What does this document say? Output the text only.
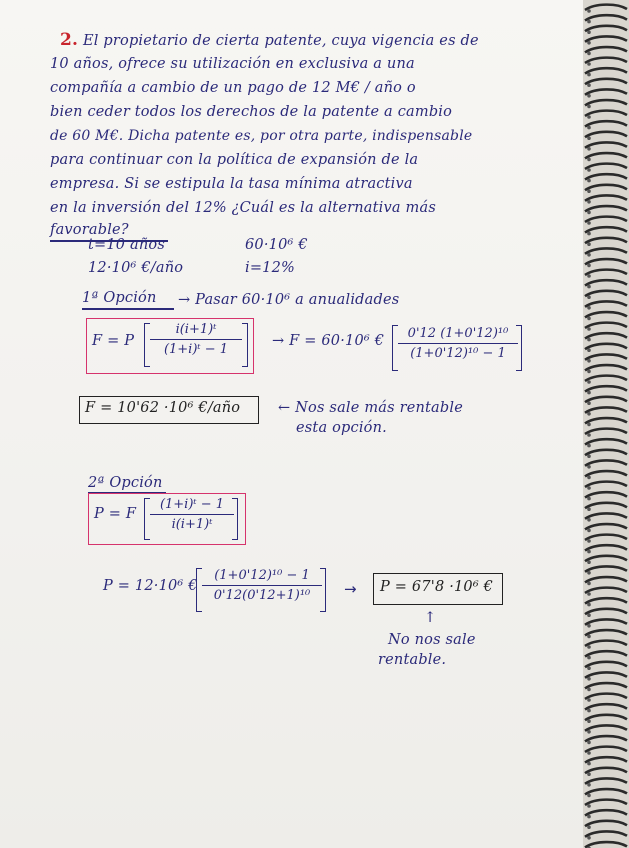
2. El propietario de cierta patente, cuya vigencia es de
10 años, ofrece su utilización en exclusiva a una
compañía a cambio de un pago de 12 M€ / año o
bien ceder todos los derechos de la patente a cambio
de 60 M€. Dicha patente es, por otra parte, indispensable
para continuar con la política de expansión de la
empresa. Si se estipula la tasa mínima atractiva
en la inversión del 12% ¿Cuál es la alternativa más
favorable?
t=10 años	60·10⁶ €
12·10⁶ €/año	i=12%
1ª Opción → Pasar 60·10⁶ a anualidades
F = P
i(i+1)ᵗ
(1+i)ᵗ − 1
→ F = 60·10⁶ €	0'12 (1+0'12)¹⁰
(1+0'12)¹⁰ − 1
F = 10'62 ·10⁶ €/año	← Nos sale más rentable
esta opción.
2ª Opción
P = F
(1+i)ᵗ − 1
i(i+1)ᵗ
P = 12·10⁶ €
(1+0'12)¹⁰ − 1
0'12(0'12+1)¹⁰	→ P = 67'8 ·10⁶ €
↑
No nos sale
rentable.
